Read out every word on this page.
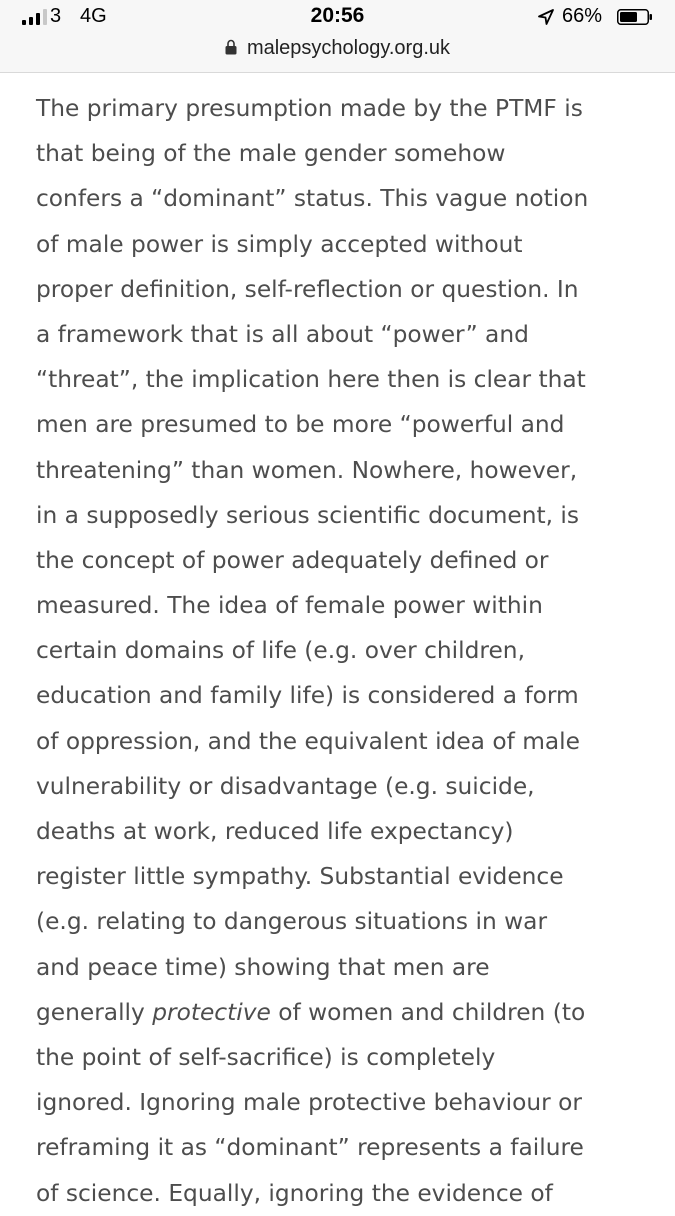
3 4G	20:56	66%
malepsychology.org.uk
The primary presumption made by the PTMF is
that being of the male gender somehow
confers a “dominant” status. This vague notion
of male power is simply accepted without
proper definition, self-reflection or question. In
a framework that is all about “power” and
“threat”, the implication here then is clear that
men are presumed to be more “powerful and
threatening” than women. Nowhere, however,
in a supposedly serious scientific document, is
the concept of power adequately defined or
measured. The idea of female power within
certain domains of life (e.g. over children,
education and family life) is considered a form
of oppression, and the equivalent idea of male
vulnerability or disadvantage (e.g. suicide,
deaths at work, reduced life expectancy)
register little sympathy. Substantial evidence
(e.g. relating to dangerous situations in war
and peace time) showing that men are
generally protective of women and children (to
the point of self-sacrifice) is completely
ignored. Ignoring male protective behaviour or
reframing it as “dominant” represents a failure
of science. Equally, ignoring the evidence of
